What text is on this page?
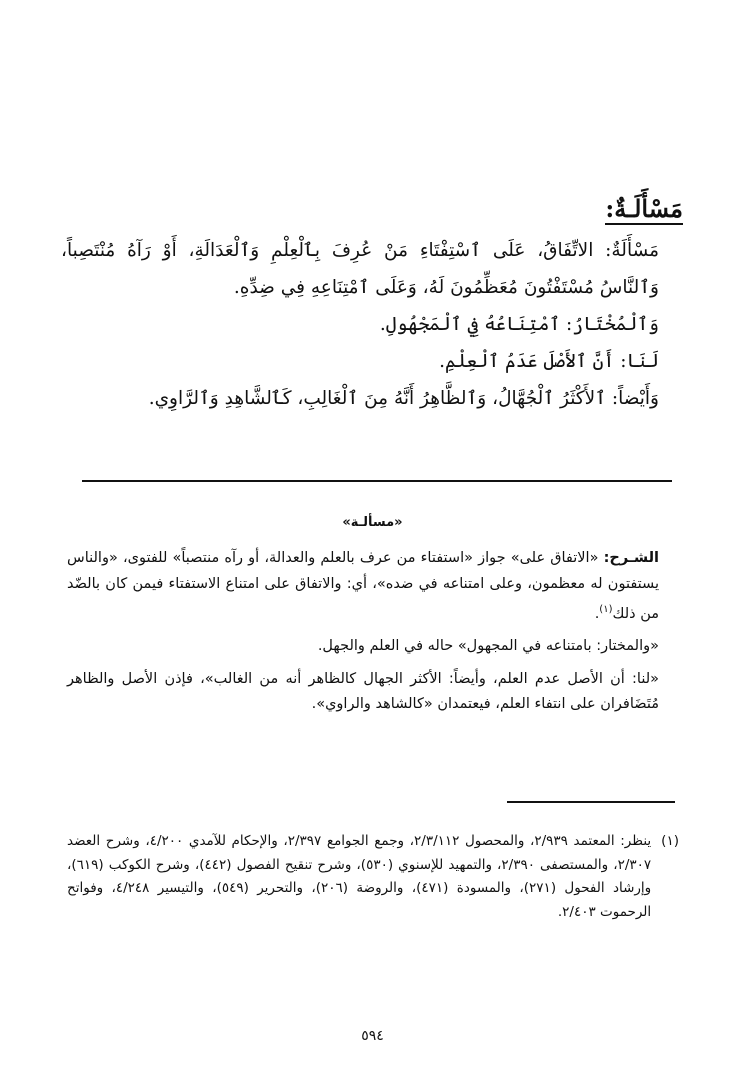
مَسْأَلَـةٌ:

مَسْأَلَةٌ: الاتِّفَاقُ، عَلَى ٱسْتِفْتَاءِ مَنْ عُرِفَ بِٱلْعِلْمِ وَٱلْعَدَالَةِ، أَوْ رَآهُ مُنْتَصِباً، وَٱلنَّاسُ مُسْتَفْتُونَ مُعَظِّمُونَ لَهُ، وَعَلَى ٱمْتِنَاعِهِ فِي ضِدِّهِ.

وَٱلْمُخْتَارُ: ٱمْتِنَاعُهُ فِي ٱلْمَجْهُولِ.

لَنَا: أَنَّ ٱلأَصْلَ عَدَمُ ٱلْعِلْمِ.

وَأَيْضاً: ٱلأَكْثَرُ ٱلْجُهَّالُ، وَٱلظَّاهِرُ أَنَّهُ مِنَ ٱلْغَالِبِ، كَٱلشَّاهِدِ وَٱلرَّاوِي.

«مسألـة»

الشـرح: «الاتفاق على» جواز «استفتاء من عرف بالعلم والعدالة، أو رآه منتصباً» للفتوى، «والناس يستفتون له معظمون، وعلى امتناعه في ضده»، أي: والاتفاق على امتناع الاستفتاء فيمن كان بالضّد من ذلك$^{(١)}$.

«والمختار: بامتناعه في المجهول» حاله في العلم والجهل.

«لنا: أن الأصل عدم العلم، وأيضاً: الأكثر الجهال كالظاهر أنه من الغالب»، فإذن الأصل والظاهر مُتَضَافران على انتفاء العلم، فيعتمدان «كالشاهد والراوي».

(١)
ينظر: المعتمد ٢/٩٣٩، والمحصول ٢/٣/١١٢، وجمع الجوامع ٢/٣٩٧، والإحكام للآمدي ٤/٢٠٠، وشرح العضد ٢/٣٠٧، والمستصفى ٢/٣٩٠، والتمهيد للإسنوي (٥٣٠)، وشرح تنقيح الفصول (٤٤٢)، وشرح الكوكب (٦١٩)، وإرشاد الفحول (٢٧١)، والمسودة (٤٧١)، والروضة (٢٠٦)، والتحرير (٥٤٩)، والتيسير ٤/٢٤٨، وفواتح الرحموت ٢/٤٠٣.
٥٩٤
